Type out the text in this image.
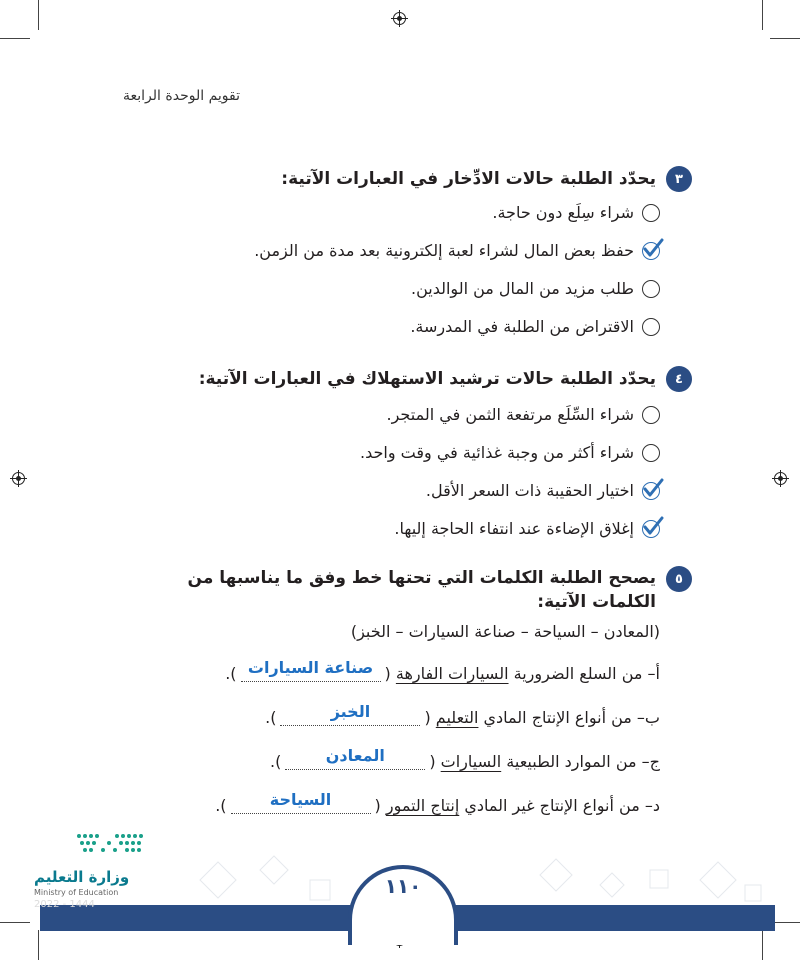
تقويم الوحدة الرابعة
٣
يحدّد الطلبة حالات الادِّخار في العبارات الآتية:
شراء سِلَع دون حاجة.
حفظ بعض المال لشراء لعبة إلكترونية بعد مدة من الزمن.
طلب مزيد من المال من الوالدين.
الاقتراض من الطلبة في المدرسة.
٤
يحدّد الطلبة حالات ترشيد الاستهلاك في العبارات الآتية:
شراء السِّلَع مرتفعة الثمن في المتجر.
شراء أكثر من وجبة غذائية في وقت واحد.
اختيار الحقيبة ذات السعر الأقل.
إغلاق الإضاءة عند انتفاء الحاجة إليها.
٥
يصحح الطلبة الكلمات التي تحتها خط وفق ما يناسبها من الكلمات الآتية:
(المعادن – السياحة – صناعة السيارات – الخبز)
أ– من السلع الضرورية

السيارات الفارهة

(
صناعة السيارات
).
ب– من أنواع الإنتاج المادي

التعليم

(
الخبز
).
ج– من الموارد الطبيعية

السيارات

(
المعادن
).
د– من أنواع الإنتاج غير المادي

إنتاج التمور

(
السياحة
).
١١٠
وزارة التعليم
Ministry of Education
2022 - 1444
